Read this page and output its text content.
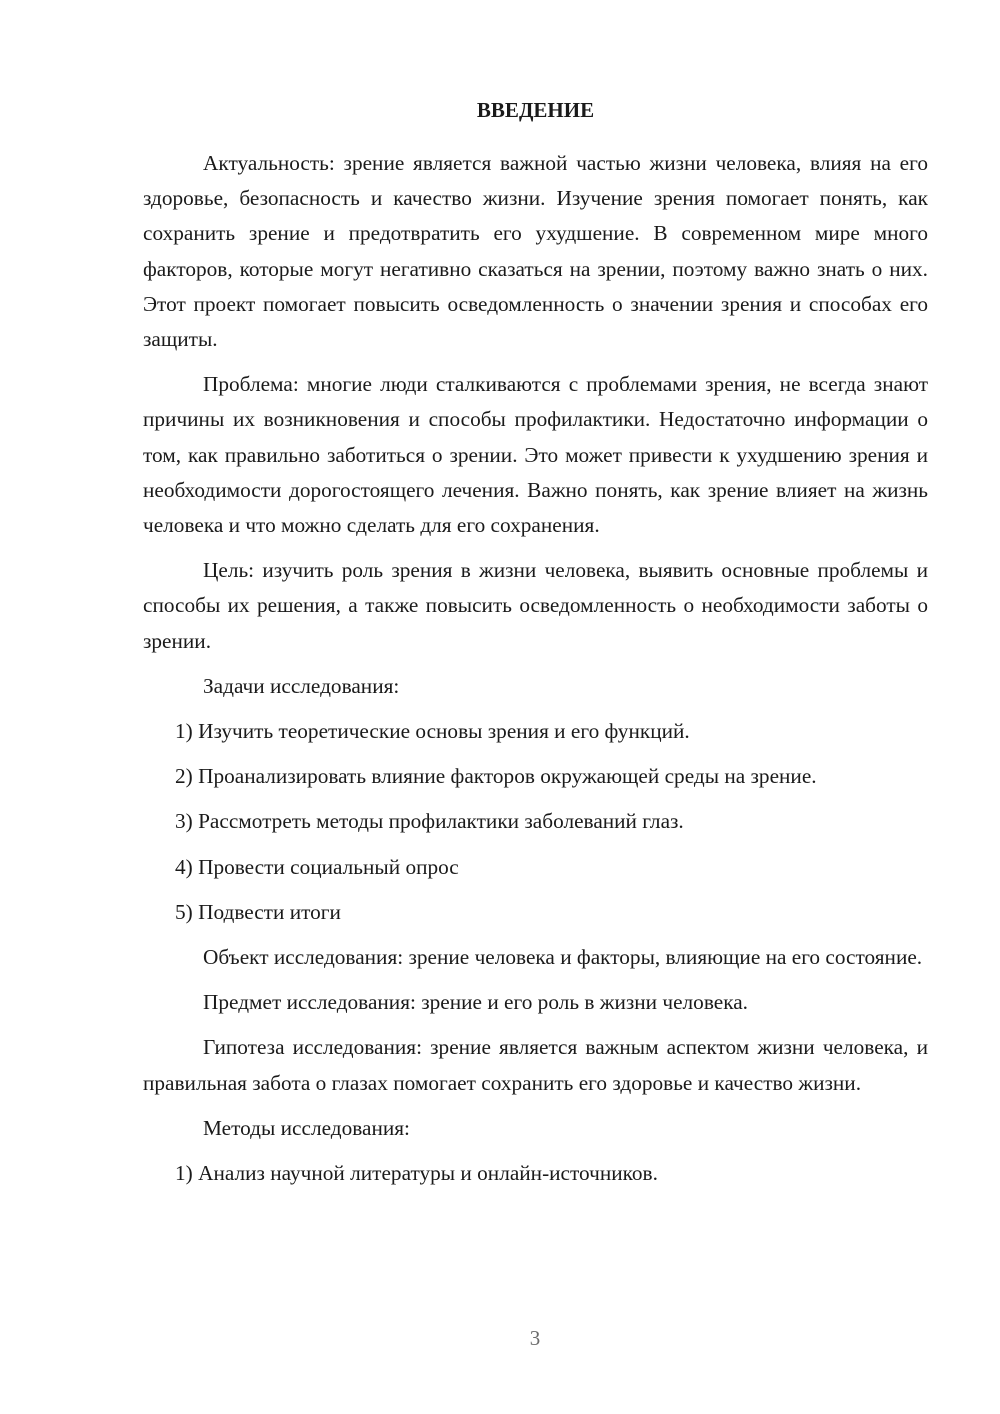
ВВЕДЕНИЕ

Актуальность: зрение является важной частью жизни человека, влияя на его здоровье, безопасность и качество жизни. Изучение зрения помогает понять, как сохранить зрение и предотвратить его ухудшение. В современном мире много факторов, которые могут негативно сказаться на зрении, поэтому важно знать о них. Этот проект помогает повысить осведомленность о значении зрения и способах его защиты.

Проблема: многие люди сталкиваются с проблемами зрения, не всегда знают причины их возникновения и способы профилактики. Недостаточно информации о том, как правильно заботиться о зрении. Это может привести к ухудшению зрения и необходимости дорогостоящего лечения. Важно понять, как зрение влияет на жизнь человека и что можно сделать для его сохранения.

Цель: изучить роль зрения в жизни человека, выявить основные проблемы и способы их решения, а также повысить осведомленность о необходимости заботы о зрении.

Задачи исследования:

1) Изучить теоретические основы зрения и его функций.
2) Проанализировать влияние факторов окружающей среды на зрение.
3) Рассмотреть методы профилактики заболеваний глаз.
4) Провести социальный опрос
5) Подвести итоги

Объект исследования: зрение человека и факторы, влияющие на его состояние.

Предмет исследования: зрение и его роль в жизни человека.

Гипотеза исследования: зрение является важным аспектом жизни человека, и правильная забота о глазах помогает сохранить его здоровье и качество жизни.

Методы исследования:

1) Анализ научной литературы и онлайн-источников.
3
